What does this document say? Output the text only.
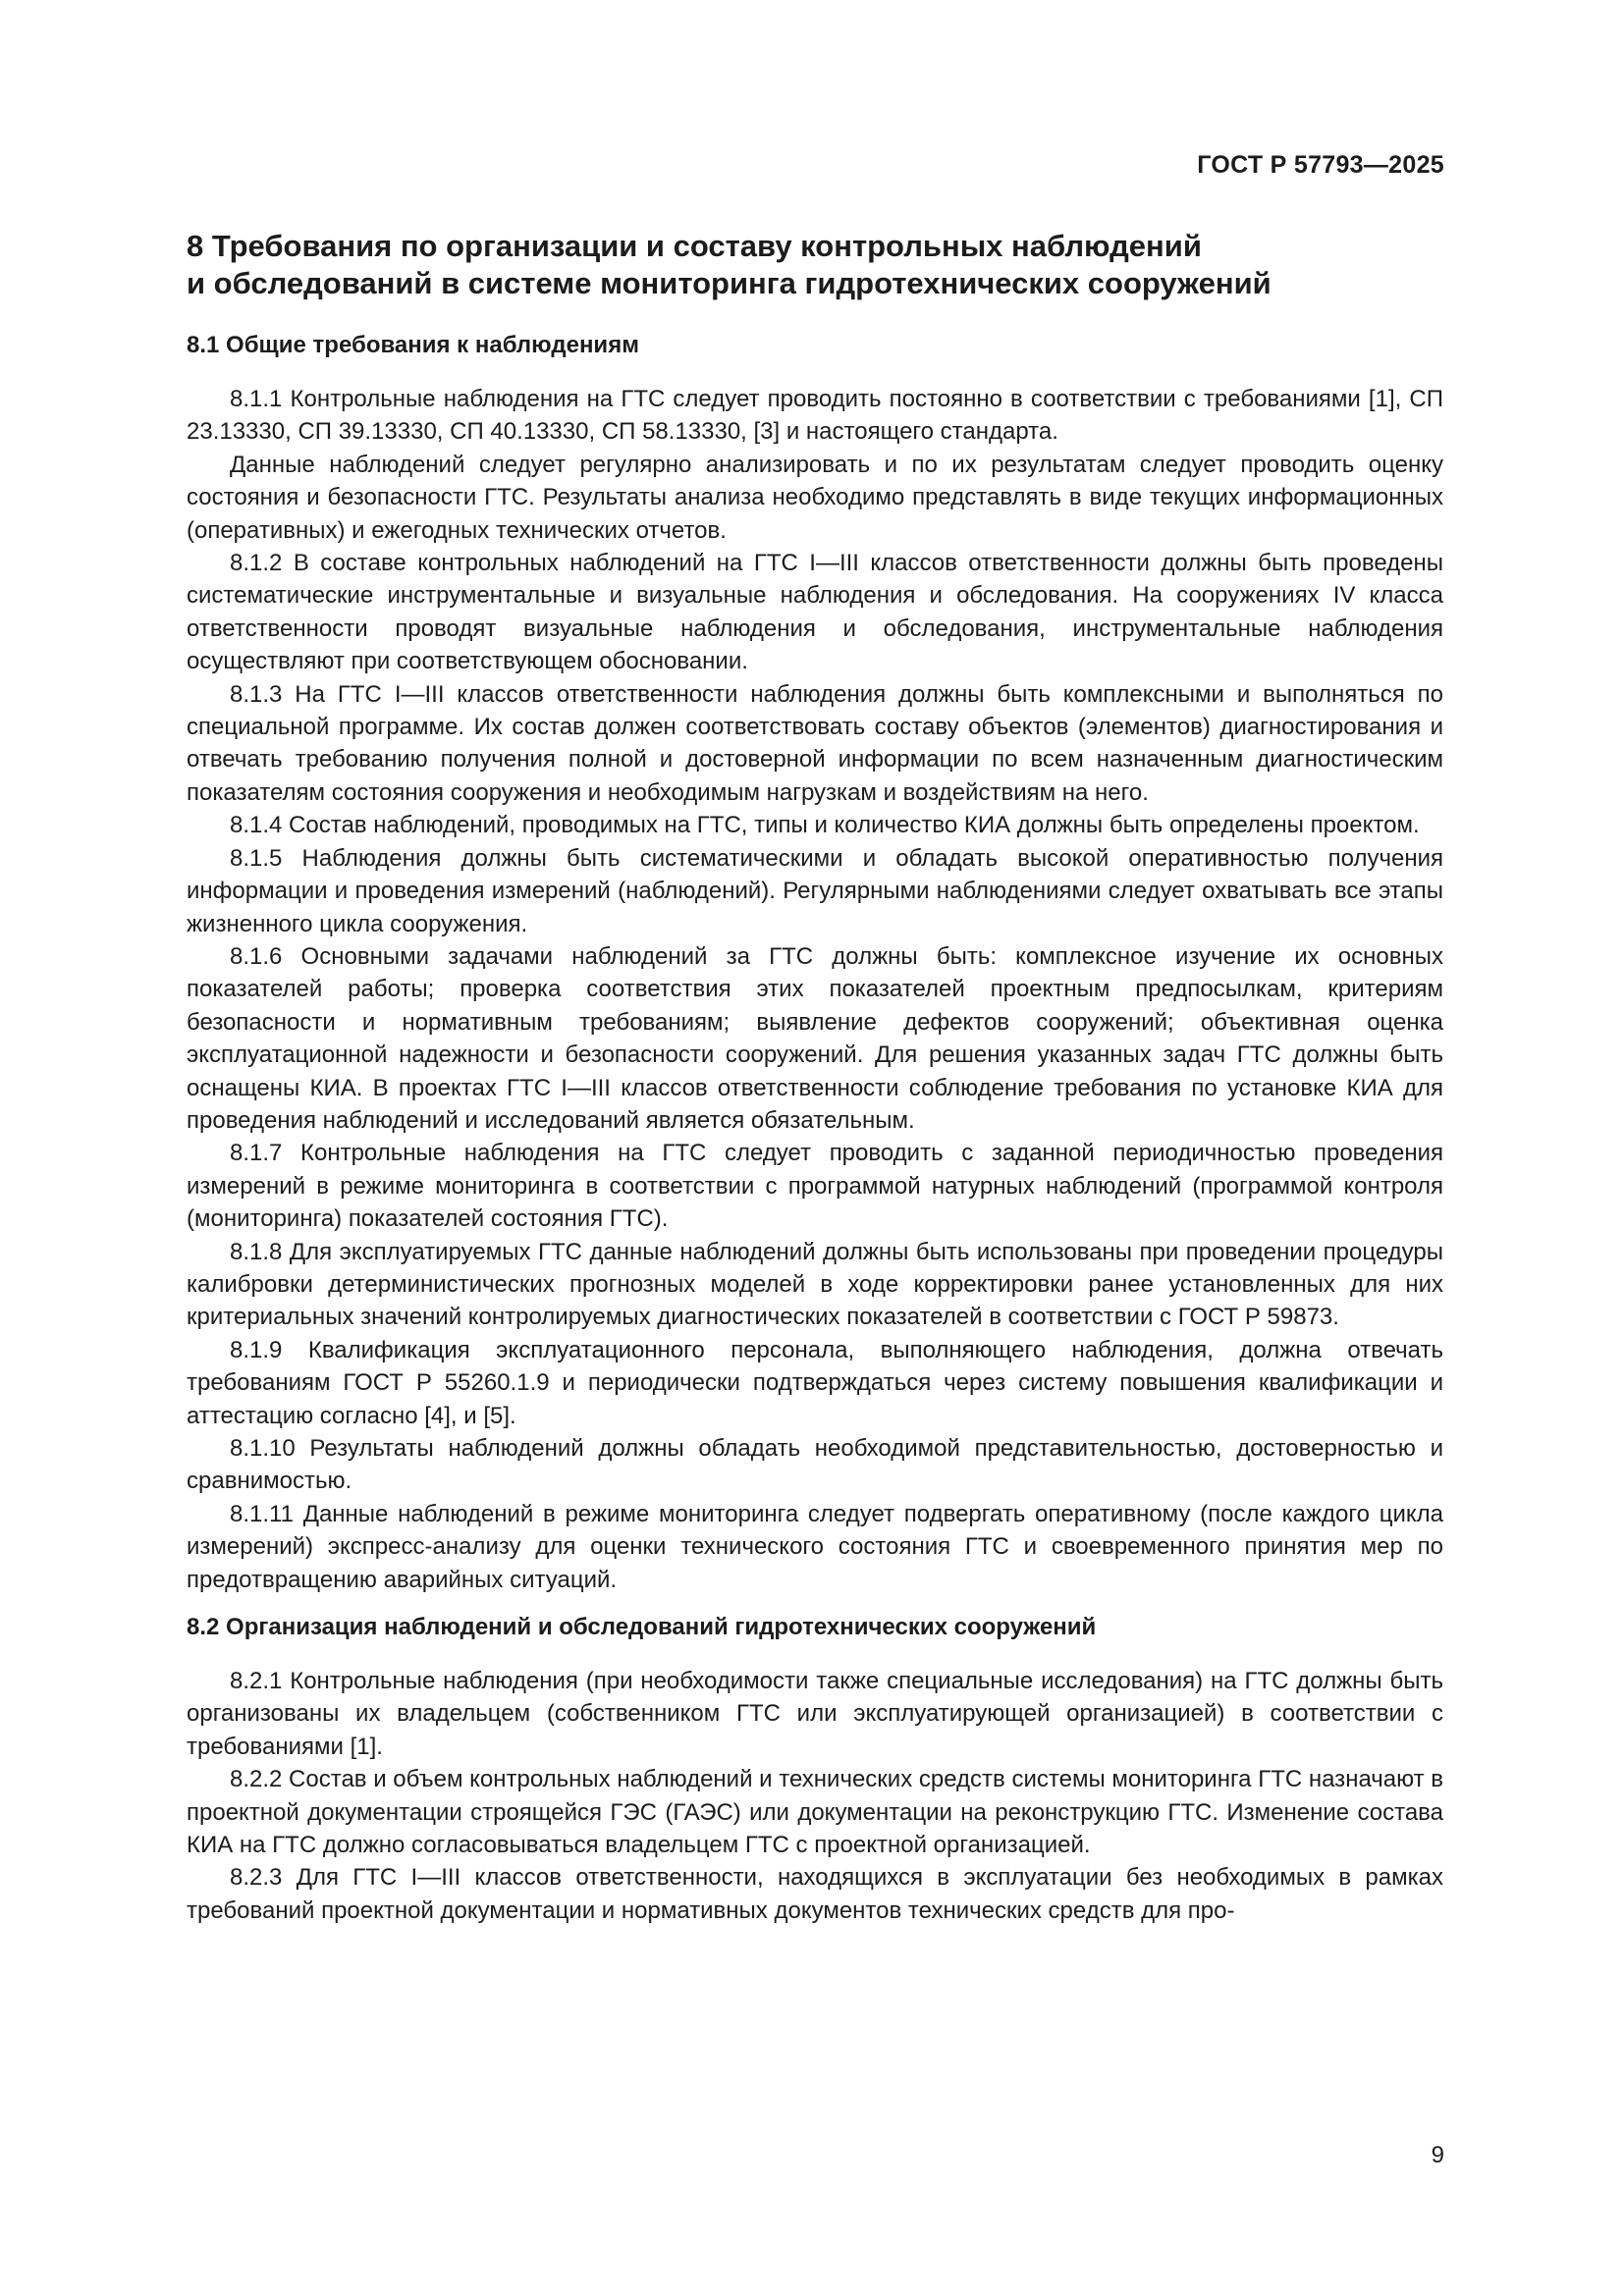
ГОСТ Р 57793—2025
8 Требования по организации и составу контрольных наблюдений
и обследований в системе мониторинга гидротехнических сооружений
8.1 Общие требования к наблюдениям

8.1.1 Контрольные наблюдения на ГТС следует проводить постоянно в соответствии с требованиями [1], СП 23.13330, СП 39.13330, СП 40.13330, СП 58.13330, [3] и настоящего стандарта.

Данные наблюдений следует регулярно анализировать и по их результатам следует проводить оценку состояния и безопасности ГТС. Результаты анализа необходимо представлять в виде текущих информационных (оперативных) и ежегодных технических отчетов.

8.1.2 В составе контрольных наблюдений на ГТС I—III классов ответственности должны быть проведены систематические инструментальные и визуальные наблюдения и обследования. На сооружениях IV класса ответственности проводят визуальные наблюдения и обследования, инструментальные наблюдения осуществляют при соответствующем обосновании.

8.1.3 На ГТС I—III классов ответственности наблюдения должны быть комплексными и выполняться по специальной программе. Их состав должен соответствовать составу объектов (элементов) диагностирования и отвечать требованию получения полной и достоверной информации по всем назначенным диагностическим показателям состояния сооружения и необходимым нагрузкам и воздействиям на него.

8.1.4 Состав наблюдений, проводимых на ГТС, типы и количество КИА должны быть определены проектом.

8.1.5 Наблюдения должны быть систематическими и обладать высокой оперативностью получения информации и проведения измерений (наблюдений). Регулярными наблюдениями следует охватывать все этапы жизненного цикла сооружения.

8.1.6 Основными задачами наблюдений за ГТС должны быть: комплексное изучение их основных показателей работы; проверка соответствия этих показателей проектным предпосылкам, критериям безопасности и нормативным требованиям; выявление дефектов сооружений; объективная оценка эксплуатационной надежности и безопасности сооружений. Для решения указанных задач ГТС должны быть оснащены КИА. В проектах ГТС I—III классов ответственности соблюдение требования по установке КИА для проведения наблюдений и исследований является обязательным.

8.1.7 Контрольные наблюдения на ГТС следует проводить с заданной периодичностью проведения измерений в режиме мониторинга в соответствии с программой натурных наблюдений (программой контроля (мониторинга) показателей состояния ГТС).

8.1.8 Для эксплуатируемых ГТС данные наблюдений должны быть использованы при проведении процедуры калибровки детерминистических прогнозных моделей в ходе корректировки ранее установленных для них критериальных значений контролируемых диагностических показателей в соответствии с ГОСТ Р 59873.

8.1.9 Квалификация эксплуатационного персонала, выполняющего наблюдения, должна отвечать требованиям ГОСТ Р 55260.1.9 и периодически подтверждаться через систему повышения квалификации и аттестацию согласно [4], и [5].

8.1.10 Результаты наблюдений должны обладать необходимой представительностью, достоверностью и сравнимостью.

8.1.11 Данные наблюдений в режиме мониторинга следует подвергать оперативному (после каждого цикла измерений) экспресс-анализу для оценки технического состояния ГТС и своевременного принятия мер по предотвращению аварийных ситуаций.

8.2 Организация наблюдений и обследований гидротехнических сооружений

8.2.1 Контрольные наблюдения (при необходимости также специальные исследования) на ГТС должны быть организованы их владельцем (собственником ГТС или эксплуатирующей организацией) в соответствии с требованиями [1].

8.2.2 Состав и объем контрольных наблюдений и технических средств системы мониторинга ГТС назначают в проектной документации строящейся ГЭС (ГАЭС) или документации на реконструкцию ГТС. Изменение состава КИА на ГТС должно согласовываться владельцем ГТС с проектной организацией.

8.2.3 Для ГТС I—III классов ответственности, находящихся в эксплуатации без необходимых в рамках требований проектной документации и нормативных документов технических средств для про-

9
